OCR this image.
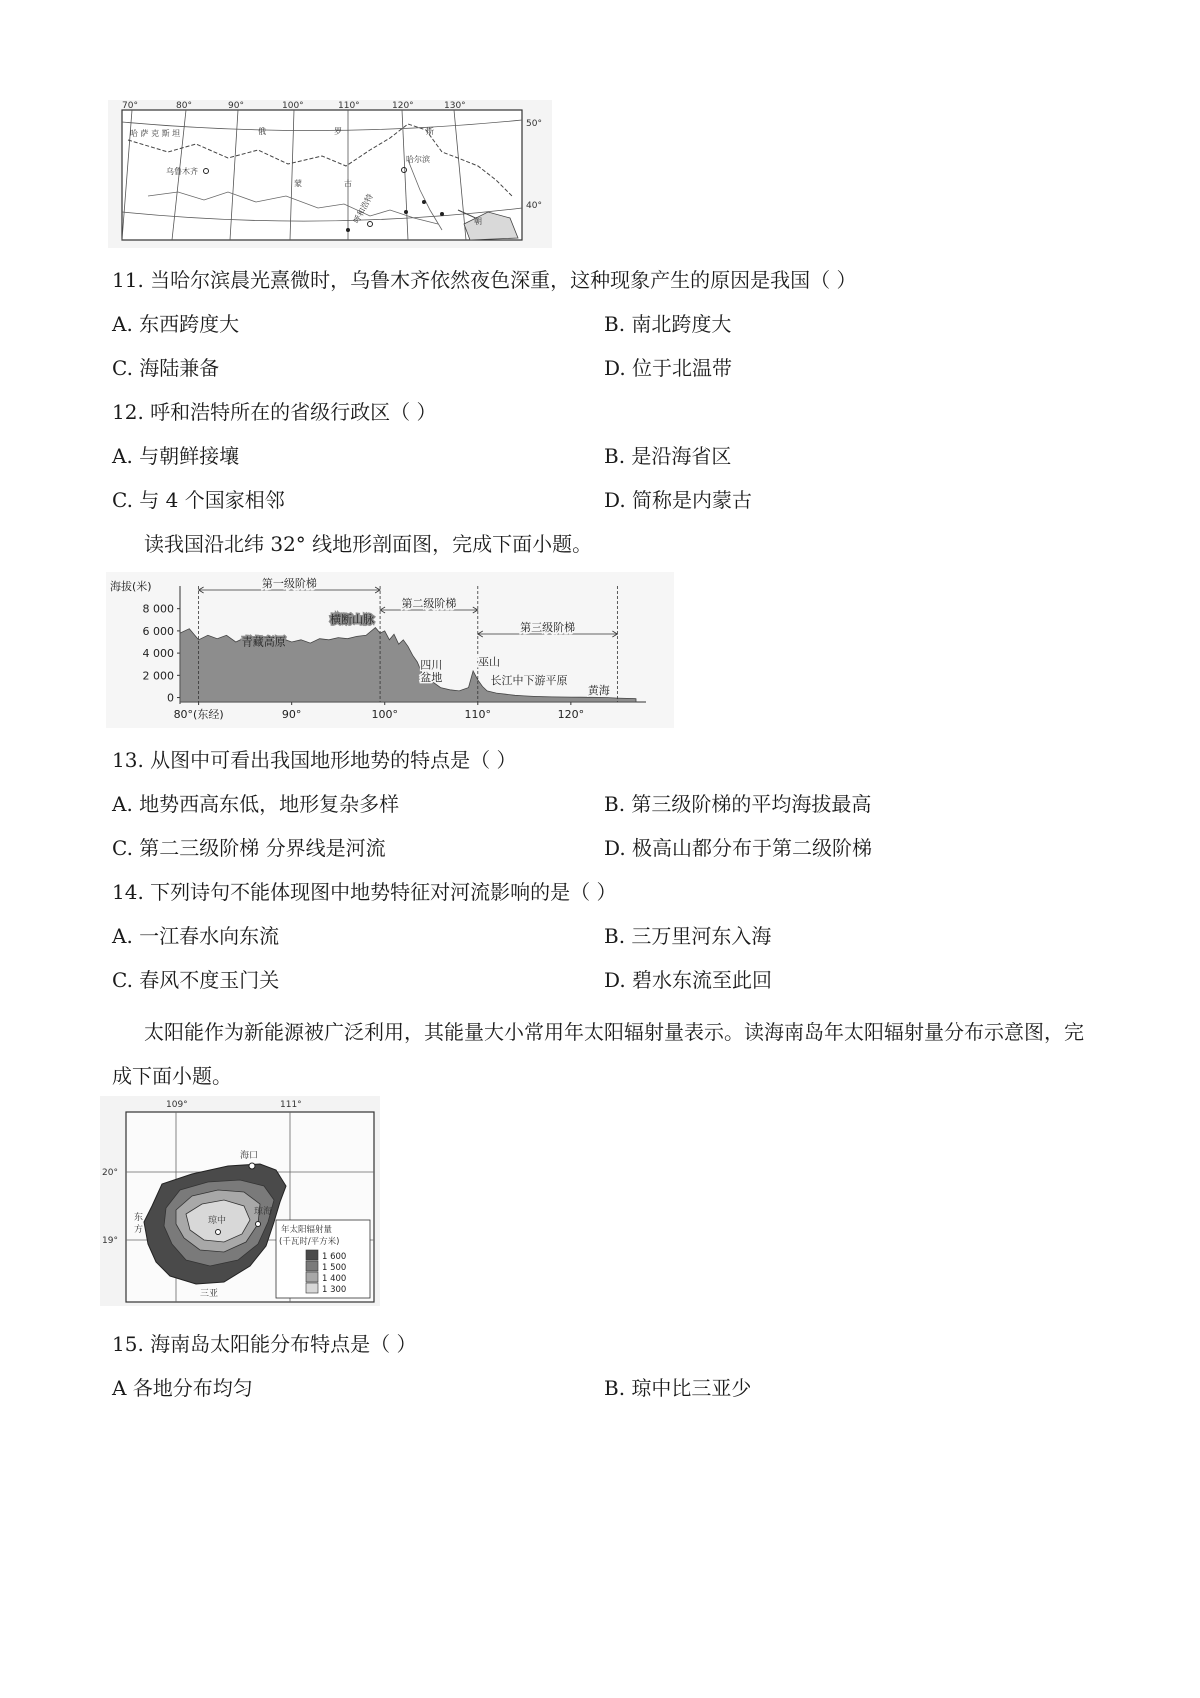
70°	80°	90°	100°	110°	120°	130°
50°
40°
哈 萨 克 斯 坦	俄	罗	斯
蒙	古
朝
乌鲁木齐
哈尔滨
呼和浩特
11. 当哈尔滨晨光熹微时，乌鲁木齐依然夜色深重，这种现象产生的原因是我国（ ）
A. 东西跨度大	B. 南北跨度大
C. 海陆兼备	D. 位于北温带
12. 呼和浩特所在的省级行政区（ ）
A. 与朝鲜接壤	B. 是沿海省区
C. 与 4 个国家相邻	D. 简称是内蒙古
读我国沿北纬 32° 线地形剖面图，完成下面小题。
0
2 000
4 000
6 000
8 000
海拔(米)
80°(东经)	90°	100°	110°	120°
第一级阶梯
第二级阶梯
第三级阶梯
青藏高原
横断山脉
四川
盆地
巫山
长江中下游平原
黄海
13. 从图中可看出我国地形地势的特点是（ ）
A. 地势西高东低，地形复杂多样	B. 第三级阶梯的平均海拔最高
C. 第二三级阶梯 分界线是河流	D. 极高山都分布于第二级阶梯
14. 下列诗句不能体现图中地势特征对河流影响的是（ ）
A. 一江春水向东流	B. 三万里河东入海
C. 春风不度玉门关	D. 碧水东流至此回
太阳能作为新能源被广泛利用，其能量大小常用年太阳辐射量表示。读海南岛年太阳辐射量分布示意图，完成下面小题。
109°	111°
20°
19°
海口
琼中
琼海
东
方
三亚
年太阳辐射量
(千瓦时/平方米)
1 600
1 500
1 400
1 300
15. 海南岛太阳能分布特点是（ ）
A 各地分布均匀	B. 琼中比三亚少
